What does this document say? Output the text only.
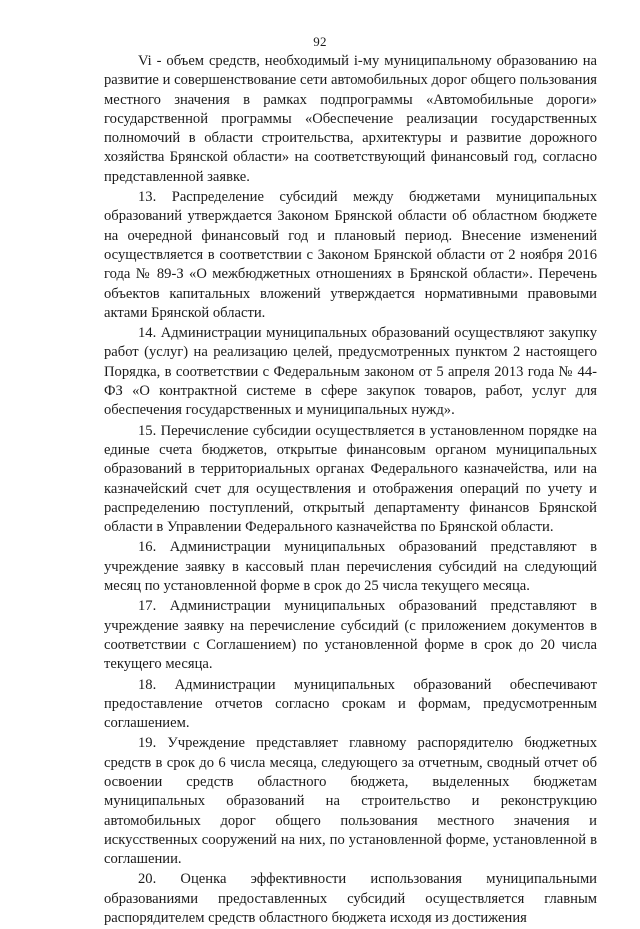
92

Vi - объем средств, необходимый i-му муниципальному образованию на развитие и совершенствование сети автомобильных дорог общего пользования местного значения в рамках подпрограммы «Автомобильные дороги» государственной программы «Обеспечение реализации государственных полномочий в области строительства, архитектуры и развитие дорожного хозяйства Брянской области» на соответствующий финансовый год, согласно представленной заявке.

13. Распределение субсидий между бюджетами муниципальных образований утверждается Законом Брянской области об областном бюджете на очередной финансовый год и плановый период. Внесение изменений осуществляется в соответствии с Законом Брянской области от 2 ноября 2016 года № 89-З «О межбюджетных отношениях в Брянской области». Перечень объектов капитальных вложений утверждается нормативными правовыми актами Брянской области.

14. Администрации муниципальных образований осуществляют закупку работ (услуг) на реализацию целей, предусмотренных пунктом 2 настоящего Порядка, в соответствии с Федеральным законом от 5 апреля 2013 года № 44-ФЗ «О контрактной системе в сфере закупок товаров, работ, услуг для обеспечения государственных и муниципальных нужд».

15. Перечисление субсидии осуществляется в установленном порядке на единые счета бюджетов, открытые финансовым органом муниципальных образований в территориальных органах Федерального казначейства, или на казначейский счет для осуществления и отображения операций по учету и распределению поступлений, открытый департаменту финансов Брянской области в Управлении Федерального казначейства по Брянской области.

16. Администрации муниципальных образований представляют в учреждение заявку в кассовый план перечисления субсидий на следующий месяц по установленной форме в срок до 25 числа текущего месяца.

17. Администрации муниципальных образований представляют в учреждение заявку на перечисление субсидий (с приложением документов в соответствии с Соглашением) по установленной форме в срок до 20 числа текущего месяца.

18. Администрации муниципальных образований обеспечивают предоставление отчетов согласно срокам и формам, предусмотренным соглашением.

19. Учреждение представляет главному распорядителю бюджетных средств в срок до 6 числа месяца, следующего за отчетным, сводный отчет об освоении средств областного бюджета, выделенных бюджетам муниципальных образований на строительство и реконструкцию автомобильных дорог общего пользования местного значения и искусственных сооружений на них, по установленной форме, установленной в соглашении.

20. Оценка эффективности использования муниципальными образованиями предоставленных субсидий осуществляется главным распорядителем средств областного бюджета исходя из достижения
